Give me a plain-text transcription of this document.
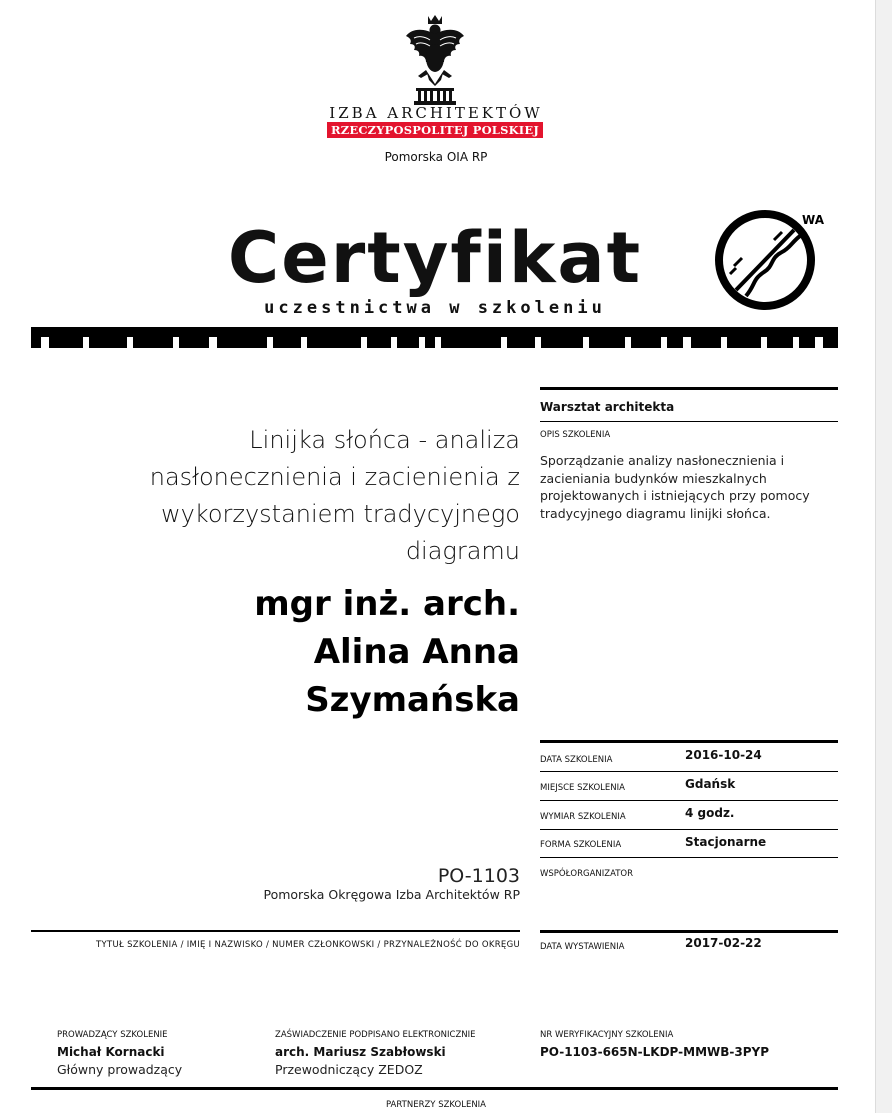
IZBA ARCHITEKTÓW
RZECZYPOSPOLITEJ POLSKIEJ
Pomorska OIA RP
Certyfikat
uczestnictwa w szkoleniu
WA
Linijka słońca - analiza nasłonecznienia i zacienienia z wykorzystaniem tradycyjnego diagramu
mgr inż. arch.
Alina Anna
Szymańska
PO-1103
Pomorska Okręgowa Izba Architektów RP
TYTUŁ SZKOLENIA / IMIĘ I NAZWISKO / NUMER CZŁONKOWSKI / PRZYNALEŻNOŚĆ DO OKRĘGU
Warsztat architekta
OPIS SZKOLENIA
Sporządzanie analizy nasłonecznienia i zacieniania budynków mieszkalnych projektowanych i istniejących przy pomocy tradycyjnego diagramu linijki słońca.
DATA SZKOLENIA	2016-10-24
MIEJSCE SZKOLENIA	Gdańsk
WYMIAR SZKOLENIA	4 godz.
FORMA SZKOLENIA	Stacjonarne
WSPÓŁORGANIZATOR
DATA WYSTAWIENIA	2017-02-22
PROWADZĄCY SZKOLENIE
Michał Kornacki
Główny prowadzący
ZAŚWIADCZENIE PODPISANO ELEKTRONICZNIE
arch. Mariusz Szabłowski
Przewodniczący ZEDOZ
NR WERYFIKACYJNY SZKOLENIA
PO-1103-665N-LKDP-MMWB-3PYP
PARTNERZY SZKOLENIA
